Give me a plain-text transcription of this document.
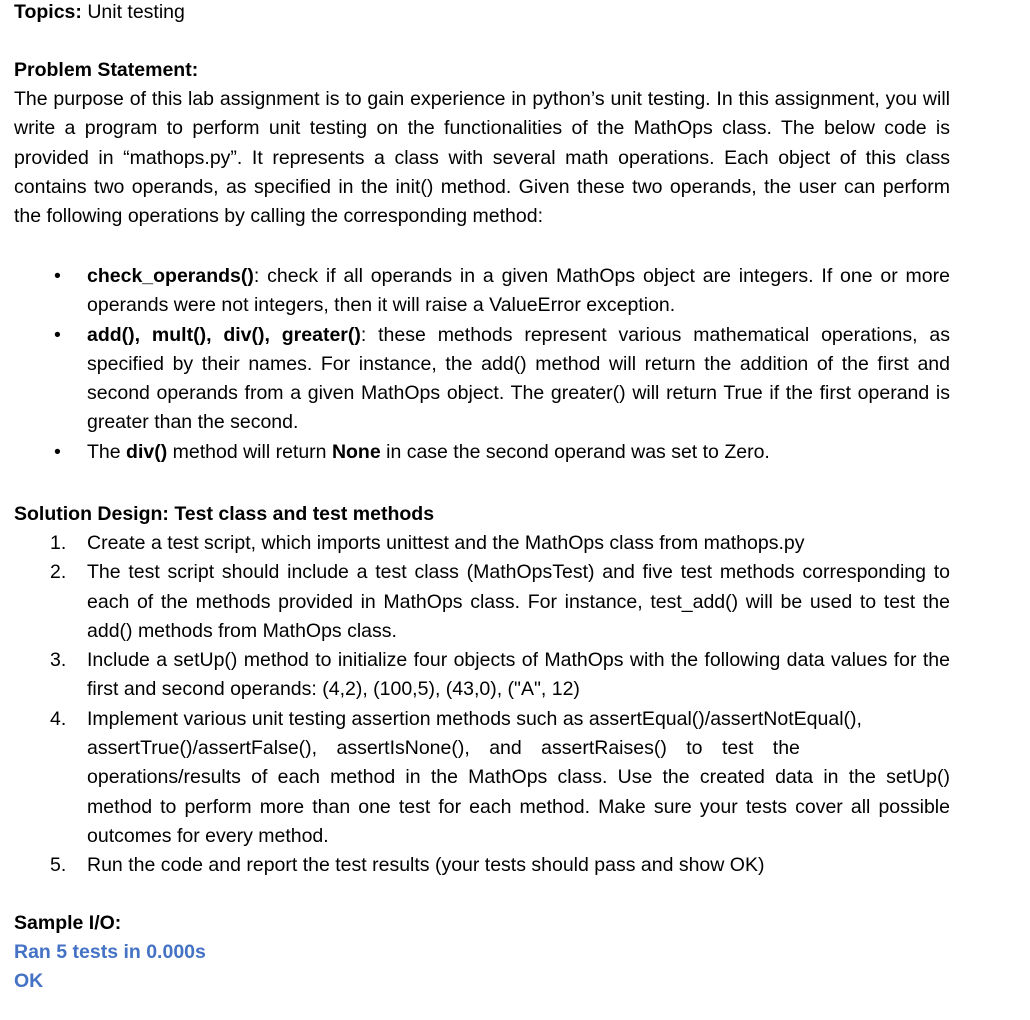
Topics: Unit testing
Problem Statement:
The purpose of this lab assignment is to gain experience in python’s unit testing. In this assignment, you will write a program to perform unit testing on the functionalities of the MathOps class. The below code is provided in “mathops.py”. It represents a class with several math operations. Each object of this class contains two operands, as specified in the init() method. Given these two operands, the user can perform the following operations by calling the corresponding method:
• check_operands(): check if all operands in a given MathOps object are integers. If one or more operands were not integers, then it will raise a ValueError exception.
• add(), mult(), div(), greater(): these methods represent various mathematical operations, as specified by their names. For instance, the add() method will return the addition of the first and second operands from a given MathOps object. The greater() will return True if the first operand is greater than the second.
• The div() method will return None in case the second operand was set to Zero.
Solution Design: Test class and test methods
1. Create a test script, which imports unittest and the MathOps class from mathops.py
2. The test script should include a test class (MathOpsTest) and five test methods corresponding to each of the methods provided in MathOps class. For instance, test_add() will be used to test the add() methods from MathOps class.
3. Include a setUp() method to initialize four objects of MathOps with the following data values for the first and second operands: (4,2), (100,5), (43,0), ("A", 12)
4. Implement various unit testing assertion methods such as assertEqual()/assertNotEqual(),
assertTrue()/assertFalse(), assertIsNone(), and assertRaises() to test the
operations/results of each method in the MathOps class. Use the created data in the setUp() method to perform more than one test for each method. Make sure your tests cover all possible outcomes for every method.
5. Run the code and report the test results (your tests should pass and show OK)
Sample I/O:
Ran 5 tests in 0.000s
OK
